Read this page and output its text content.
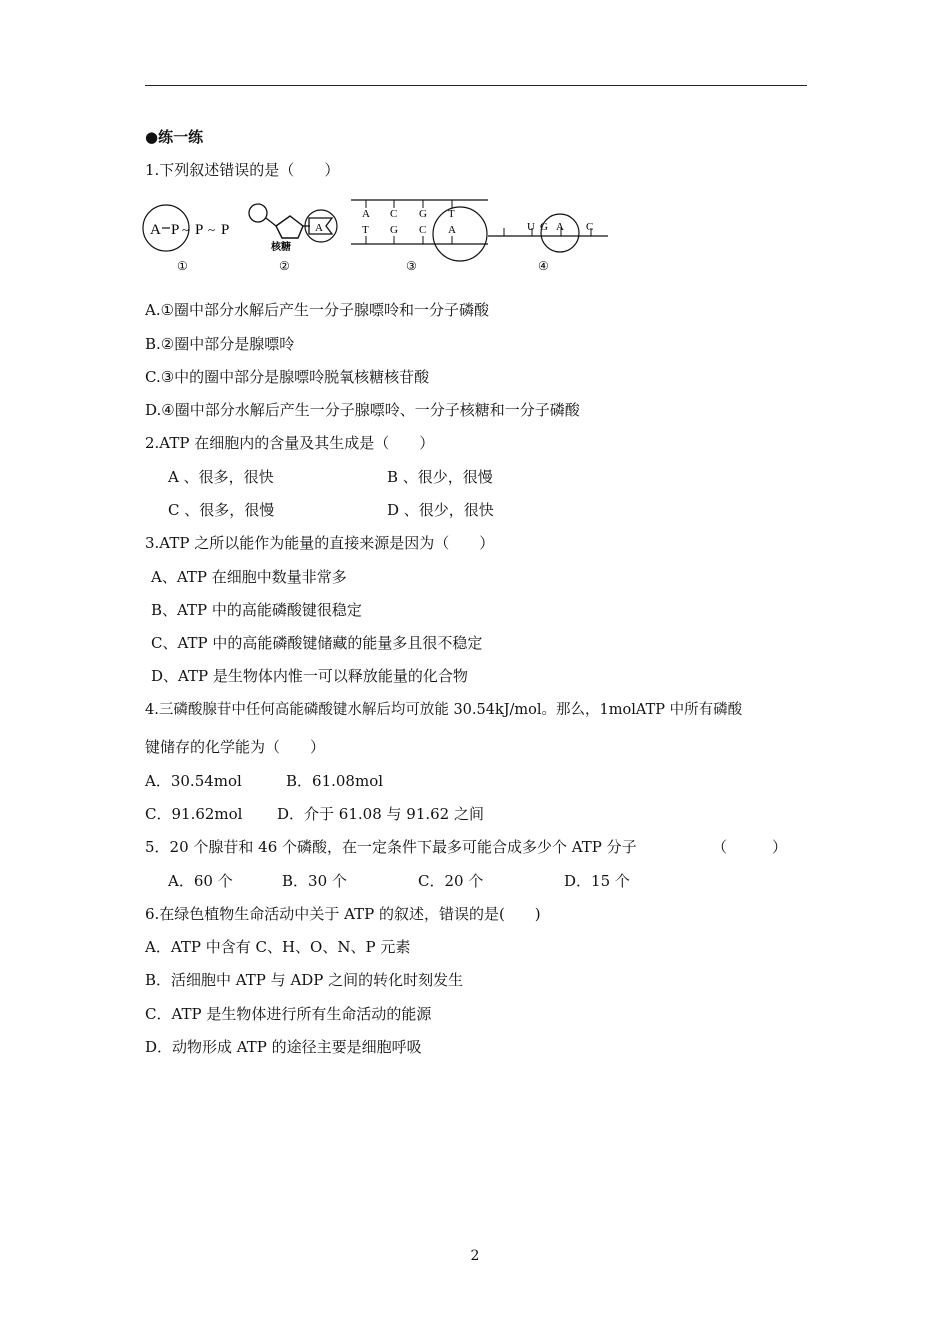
●练一练
1.下列叙述错误的是（　　）
A P ~ P ~ P
①
A
核糖
②
A C G T
T G C A
③
U G A C
④
A.①圈中部分水解后产生一分子腺嘌呤和一分子磷酸
B.②圈中部分是腺嘌呤
C.③中的圈中部分是腺嘌呤脱氧核糖核苷酸
D.④圈中部分水解后产生一分子腺嘌呤、一分子核糖和一分子磷酸
2.ATP 在细胞内的含量及其生成是（　　）
A 、很多，很快	B 、很少，很慢
C 、很多，很慢	D 、很少，很快
3.ATP 之所以能作为能量的直接来源是因为（　　）
A、ATP 在细胞中数量非常多
B、ATP 中的高能磷酸键很稳定
C、ATP 中的高能磷酸键储藏的能量多且很不稳定
D、ATP 是生物体内惟一可以释放能量的化合物
4.三磷酸腺苷中任何高能磷酸键水解后均可放能 30.54kJ/mol。那么，1molATP 中所有磷酸
键储存的化学能为（　　）
A．30.54mol	B．61.08mol
C．91.62mol D．介于 61.08 与 91.62 之间
5．20 个腺苷和 46 个磷酸，在一定条件下最多可能合成多少个 ATP 分子	（　　　）
A．60 个	B．30 个	C．20 个	D．15 个
6.在绿色植物生命活动中关于 ATP 的叙述，错误的是(　　)
A．ATP 中含有 C、H、O、N、P 元素
B．活细胞中 ATP 与 ADP 之间的转化时刻发生
C．ATP 是生物体进行所有生命活动的能源
D．动物形成 ATP 的途径主要是细胞呼吸
2
